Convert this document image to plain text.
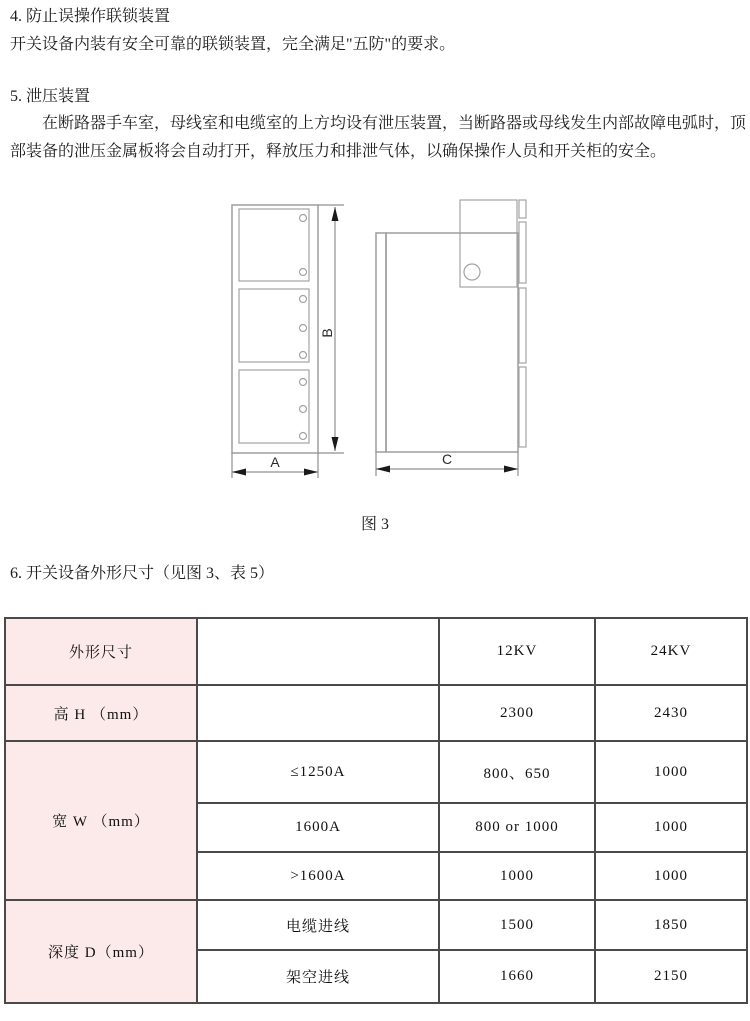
4. 防止误操作联锁装置
开关设备内装有安全可靠的联锁装置，完全满足"五防"的要求。
5. 泄压装置
在断路器手车室，母线室和电缆室的上方均设有泄压装置，当断路器或母线发生内部故障电弧时，顶
部装备的泄压金属板将会自动打开，释放压力和排泄气体，以确保操作人员和开关柜的安全。
B
A	C
图 3
6. 开关设备外形尺寸（见图 3、表 5）
外形尺寸		12KV	24KV
高 H （mm）		2300	2430
宽 W （mm）	≤1250A	800、650	1000
	1600A	800 or 1000	1000
	>1600A	1000	1000
深度 D（mm）	电缆进线	1500	1850
	架空进线	1660	2150
